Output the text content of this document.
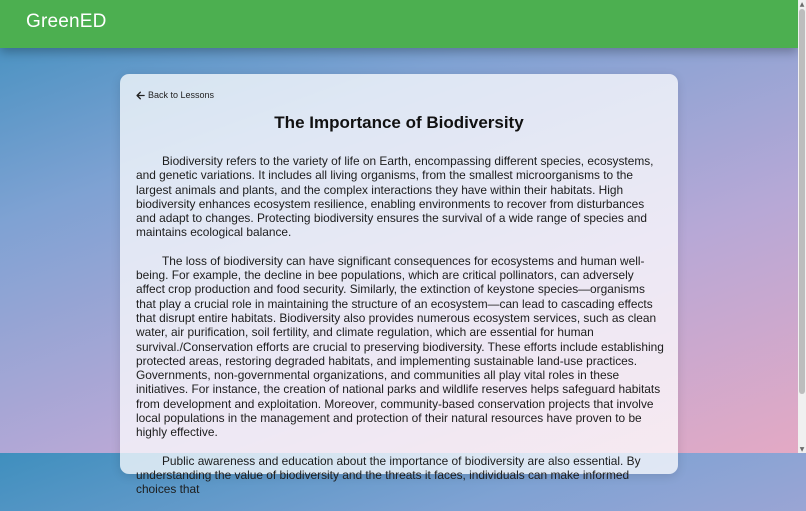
GreenED
Back to Lessons
The Importance of Biodiversity

Biodiversity refers to the variety of life on Earth, encompassing different species, ecosystems, and genetic variations. It includes all living organisms, from the smallest microorganisms to the largest animals and plants, and the complex interactions they have within their habitats. High biodiversity enhances ecosystem resilience, enabling environments to recover from disturbances and adapt to changes. Protecting biodiversity ensures the survival of a wide range of species and maintains ecological balance.

The loss of biodiversity can have significant consequences for ecosystems and human well-being. For example, the decline in bee populations, which are critical pollinators, can adversely affect crop production and food security. Similarly, the extinction of keystone species—organisms that play a crucial role in maintaining the structure of an ecosystem—can lead to cascading effects that disrupt entire habitats. Biodiversity also provides numerous ecosystem services, such as clean water, air purification, soil fertility, and climate regulation, which are essential for human survival./Conservation efforts are crucial to preserving biodiversity. These efforts include establishing protected areas, restoring degraded habitats, and implementing sustainable land-use practices. Governments, non-governmental organizations, and communities all play vital roles in these initiatives. For instance, the creation of national parks and wildlife reserves helps safeguard habitats from development and exploitation. Moreover, community-based conservation projects that involve local populations in the management and protection of their natural resources have proven to be highly effective.

Public awareness and education about the importance of biodiversity are also essential. By understanding the value of biodiversity and the threats it faces, individuals can make informed choices that

▲
▼
